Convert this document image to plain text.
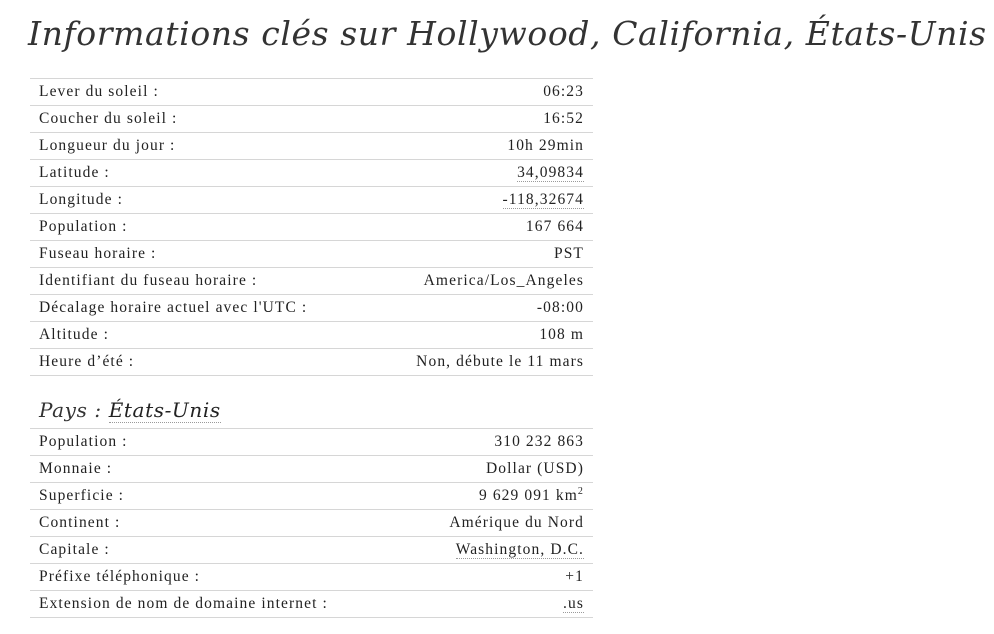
Informations clés sur Hollywood, California, États-Unis
Lever du soleil :	06:23
Coucher du soleil :	16:52
Longueur du jour :	10h 29min
Latitude :	34,09834
Longitude :	-118,32674
Population :	167 664
Fuseau horaire :	PST
Identifiant du fuseau horaire :	America/Los_Angeles
Décalage horaire actuel avec l'UTC :	-08:00
Altitude :	108 m
Heure d’été :	Non, débute le 11 mars
Pays : États-Unis
Population :	310 232 863
Monnaie :	Dollar (USD)
Superficie :	9 629 091 $km^2$
Continent :	Amérique du Nord
Capitale :	Washington, D.C.
Préfixe téléphonique :	+1
Extension de nom de domaine internet :	.us
